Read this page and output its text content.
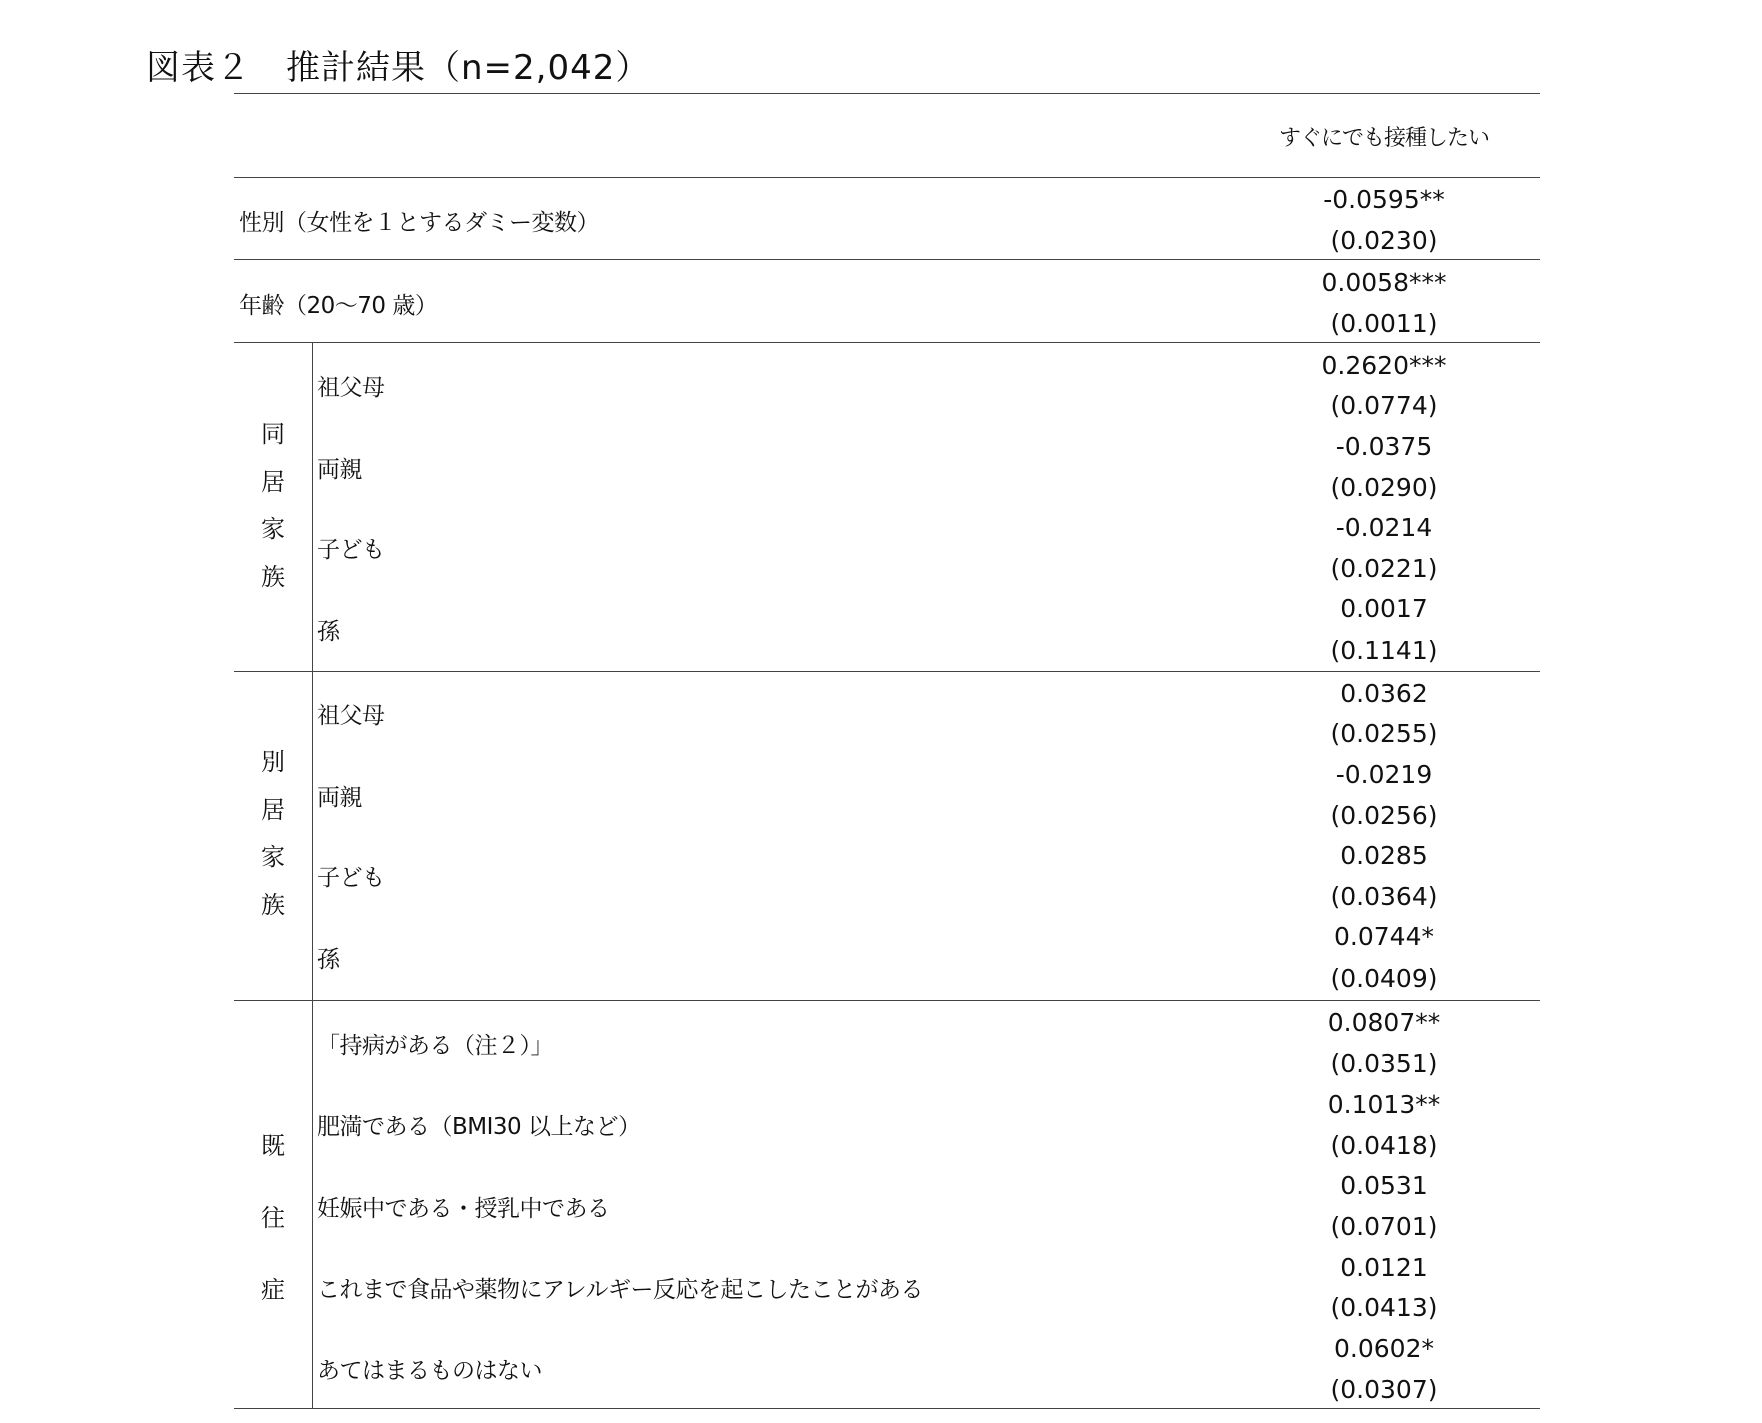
図表２　推計結果（n=2,042）
すぐにでも接種したい
性別（女性を１とするダミー変数）
-0.0595**
(0.0230)
年齢（20～70 歳）
0.0058***
(0.0011)
同
居
家
族
祖父母
0.2620***
(0.0774)
両親
-0.0375
(0.0290)
子ども
-0.0214
(0.0221)
孫
0.0017
(0.1141)
別
居
家
族
祖父母
0.0362
(0.0255)
両親
-0.0219
(0.0256)
子ども
0.0285
(0.0364)
孫
0.0744*
(0.0409)
既
往
症
「持病がある（注２）」
0.0807**
(0.0351)
肥満である（BMI30 以上など）
0.1013**
(0.0418)
妊娠中である・授乳中である
0.0531
(0.0701)
これまで食品や薬物にアレルギー反応を起こしたことがある
0.0121
(0.0413)
あてはまるものはない
0.0602*
(0.0307)
